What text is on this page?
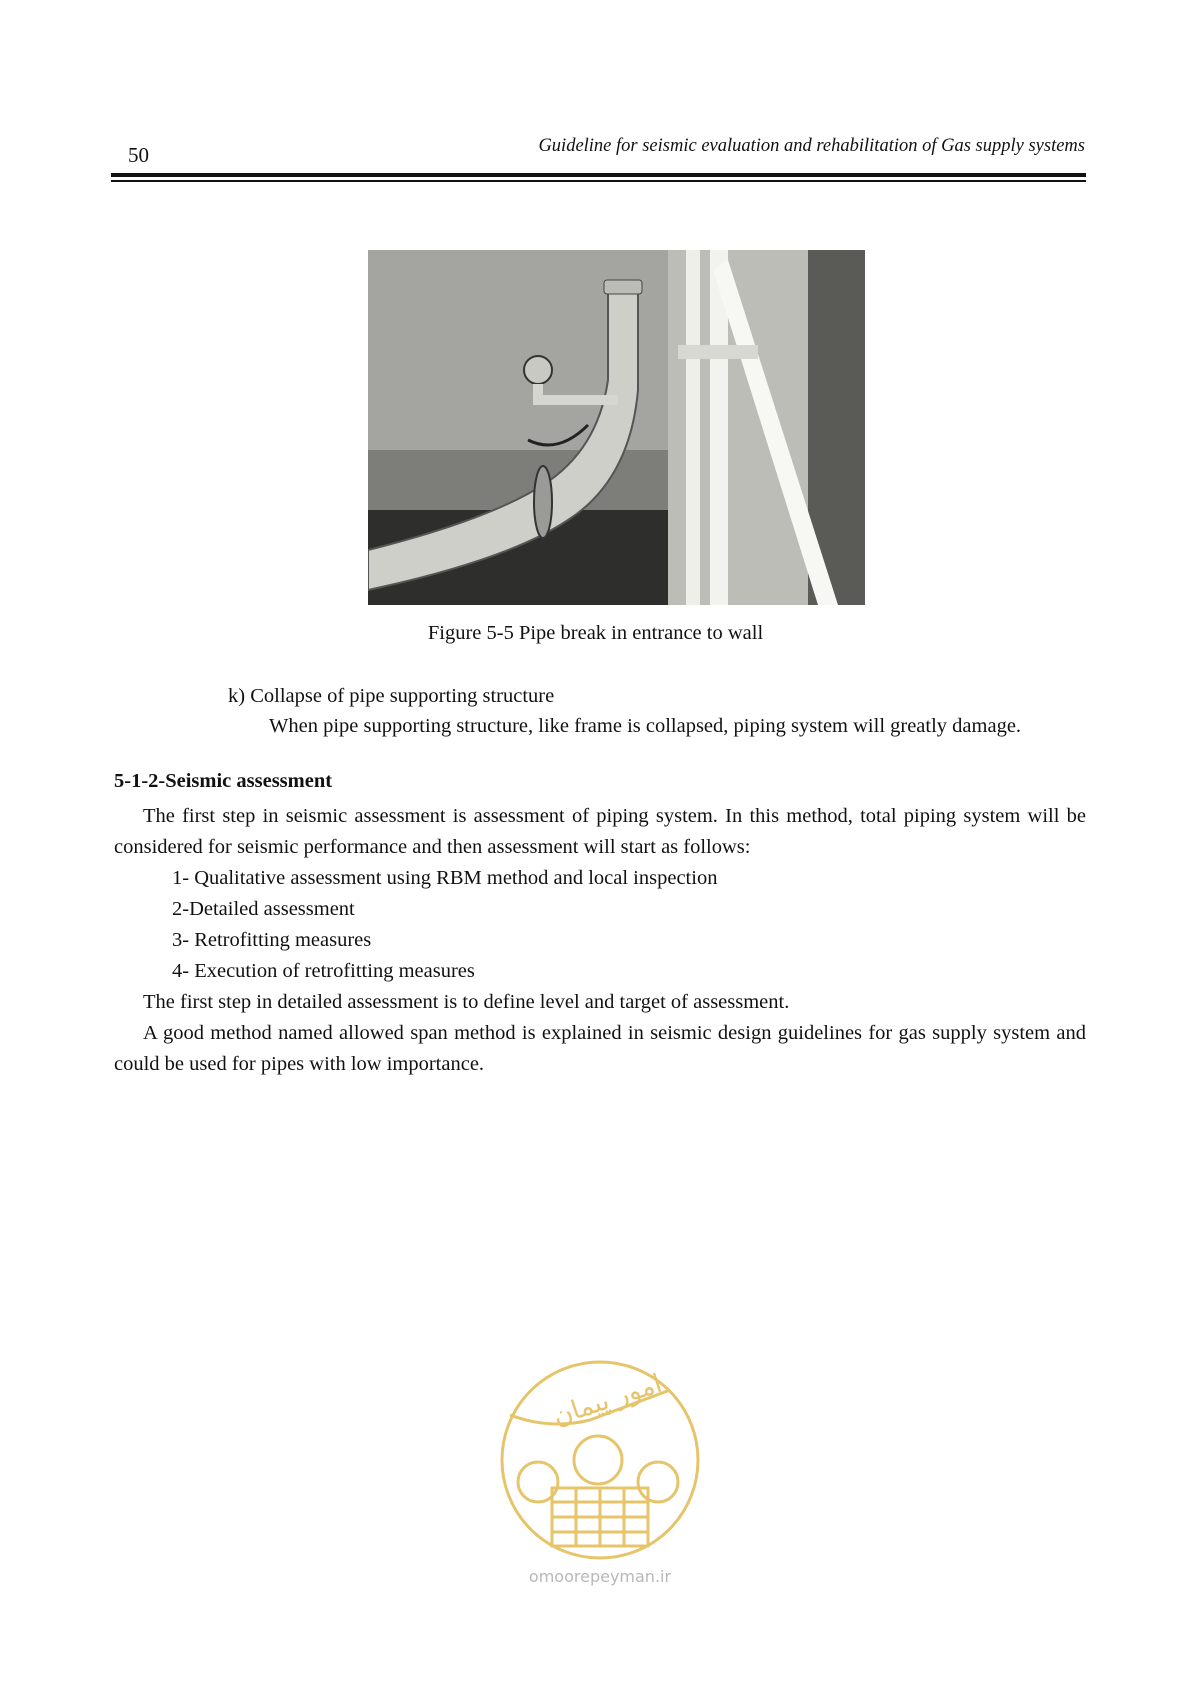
50	Guideline for seismic evaluation and rehabilitation of Gas supply systems
Figure 5-5 Pipe break in entrance to wall
k) Collapse of pipe supporting structure
When pipe supporting structure, like frame is collapsed, piping system will greatly damage.
5-1-2-Seismic assessment
The first step in seismic assessment is assessment of piping system. In this method, total piping system will be considered for seismic performance and then assessment will start as follows:
1- Qualitative assessment using RBM method and local inspection
2-Detailed assessment
3- Retrofitting measures
4- Execution of retrofitting measures
The first step in detailed assessment is to define level and target of assessment.
A good method named allowed span method is explained in seismic design guidelines for gas supply system and could be used for pipes with low importance.
امور پیمان
omoorepeyman.ir
